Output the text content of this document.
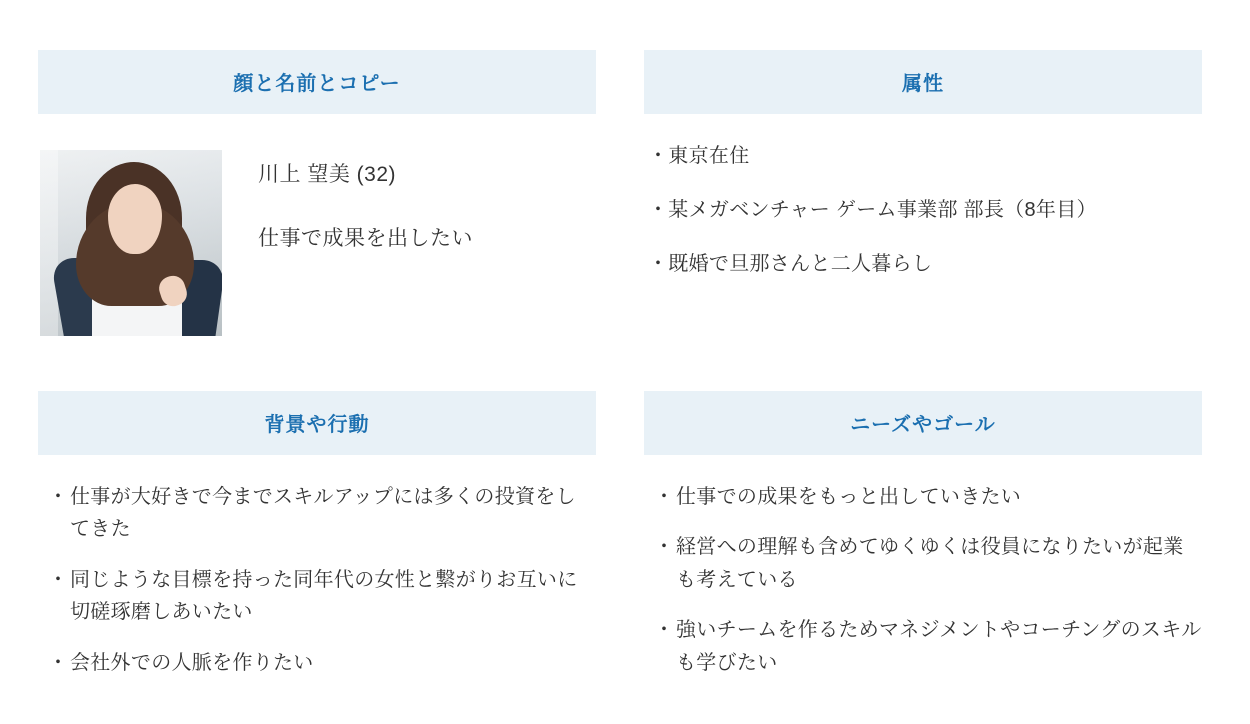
顔と名前とコピー
川上 望美 (32)
仕事で成果を出したい
属性
・東京在住
・某メガベンチャー ゲーム事業部 部長（8年目）
・既婚で旦那さんと二人暮らし
背景や行動
・ 仕事が大好きで今までスキルアップには多くの投資をしてきた
・ 同じような目標を持った同年代の女性と繋がりお互いに切磋琢磨しあいたい
・ 会社外での人脈を作りたい
ニーズやゴール
・ 仕事での成果をもっと出していきたい
・ 経営への理解も含めてゆくゆくは役員になりたいが起業も考えている
・ 強いチームを作るためマネジメントやコーチングのスキルも学びたい
